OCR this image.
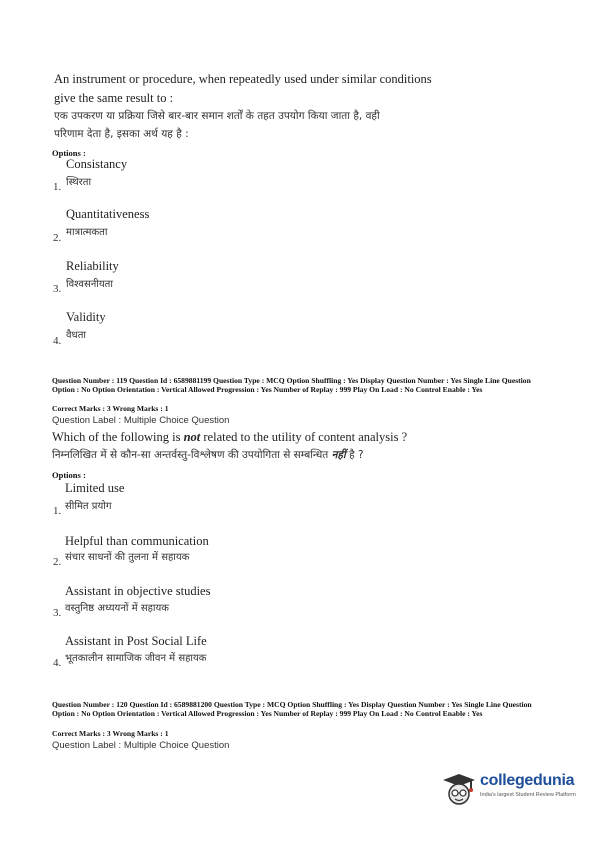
An instrument or procedure, when repeatedly used under similar conditions
give the same result to :
एक उपकरण या प्रक्रिया जिसे बार-बार समान शर्तों के तहत उपयोग किया जाता है, वही
परिणाम देता है, इसका अर्थ यह है :
Options :
Consistancy
स्थिरता
1.
Quantitativeness
मात्रात्मकता
2.
Reliability
विश्वसनीयता
3.
Validity
वैधता
4.
Question Number : 119 Question Id : 6589881199 Question Type : MCQ Option Shuffling : Yes Display Question Number : Yes Single Line Question Option : No Option Orientation : Vertical Allowed Progression : Yes Number of Replay : 999 Play On Load : No Control Enable : Yes
Correct Marks : 3 Wrong Marks : 1
Question Label : Multiple Choice Question
Which of the following is not related to the utility of content analysis ?
निम्नलिखित में से कौन-सा अन्तर्वस्तु-विश्लेषण की उपयोगिता से सम्बन्धित नहीं है ?
Options :
Limited use
सीमित प्रयोग
1.
Helpful than communication
संचार साधनों की तुलना में सहायक
2.
Assistant in objective studies
वस्तुनिष्ठ अध्ययनों में सहायक
3.
Assistant in Post Social Life
भूतकालीन सामाजिक जीवन में सहायक
4.
Question Number : 120 Question Id : 6589881200 Question Type : MCQ Option Shuffling : Yes Display Question Number : Yes Single Line Question Option : No Option Orientation : Vertical Allowed Progression : Yes Number of Replay : 999 Play On Load : No Control Enable : Yes
Correct Marks : 3 Wrong Marks : 1
Question Label : Multiple Choice Question
collegedunia
India's largest Student Review Platform
